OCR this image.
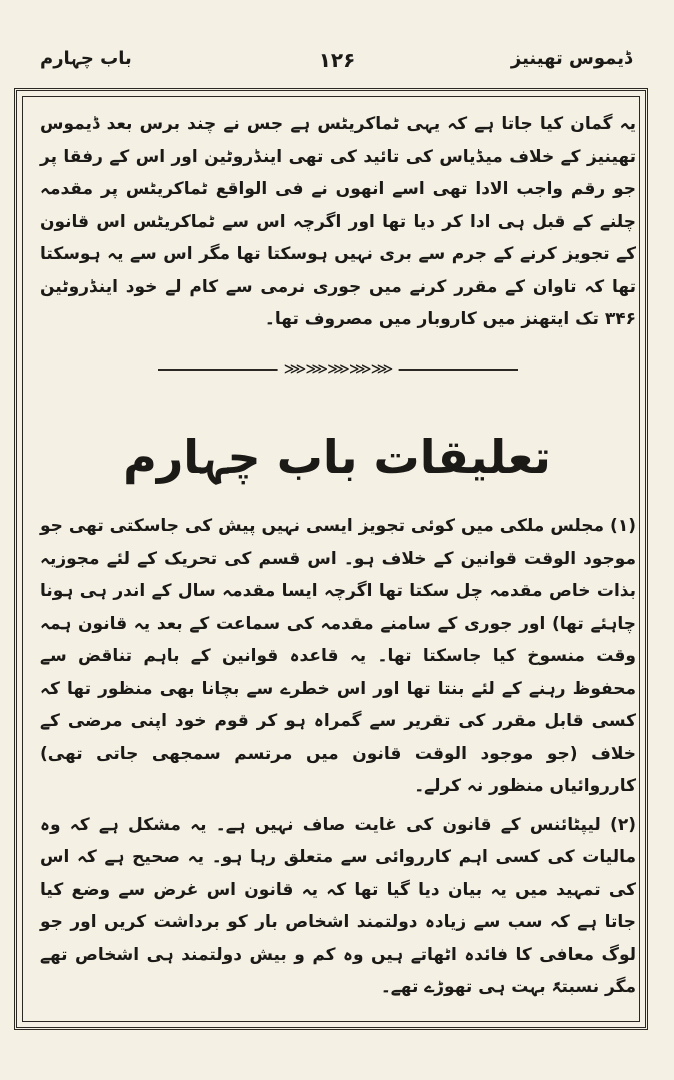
ڈیموس تھینیز
۱۲۶
باب چہارم

یہ گمان کیا جاتا ہے کہ یہی ٹماکریٹس ہے جس نے چند برس بعد ڈیموس تھینیز کے خلاف میڈیاس کی تائید کی تھی اینڈروٹین اور اس کے رفقا پر جو رقم واجب الادا تھی اسے انھوں نے فی الواقع ٹماکریٹس پر مقدمہ چلنے کے قبل ہی ادا کر دیا تھا اور اگرچہ اس سے ٹماکریٹس اس قانون کے تجویز کرنے کے جرم سے بری نہیں ہوسکتا تھا مگر اس سے یہ ہوسکتا تھا کہ تاوان کے مقرر کرنے میں جوری نرمی سے کام لے خود اینڈروٹین ۳۴۶ تک ایتھنز میں کاروبار میں مصروف تھا۔

⋙⋙⋙⋙⋙
تعلیقات باب چہارم

(۱) مجلس ملکی میں کوئی تجویز ایسی نہیں پیش کی جاسکتی تھی جو موجود الوقت قوانین کے خلاف ہو۔ اس قسم کی تحریک کے لئے مجوزیہ بذات خاص مقدمہ چل سکتا تھا اگرچہ ایسا مقدمہ سال کے اندر ہی ہونا چاہئے تھا) اور جوری کے سامنے مقدمہ کی سماعت کے بعد یہ قانون ہمہ وقت منسوخ کیا جاسکتا تھا۔ یہ قاعدہ قوانین کے باہم تناقض سے محفوظ رہنے کے لئے بنتا تھا اور اس خطرے سے بچانا بھی منظور تھا کہ کسی قابل مقرر کی تقریر سے گمراہ ہو کر قوم خود اپنی مرضی کے خلاف (جو موجود الوقت قانون میں مرتسم سمجھی جاتی تھی) کارروائیاں منظور نہ کرلے۔

(۲) لیپٹائنس کے قانون کی غایت صاف نہیں ہے۔ یہ مشکل ہے کہ وہ مالیات کی کسی اہم کارروائی سے متعلق رہا ہو۔ یہ صحیح ہے کہ اس کی تمہید میں یہ بیان دیا گیا تھا کہ یہ قانون اس غرض سے وضع کیا جاتا ہے کہ سب سے زیادہ دولتمند اشخاص بار کو برداشت کریں اور جو لوگ معافی کا فائدہ اٹھاتے ہیں وہ کم و بیش دولتمند ہی اشخاص تھے مگر نسبتہً بہت ہی تھوڑے تھے۔
